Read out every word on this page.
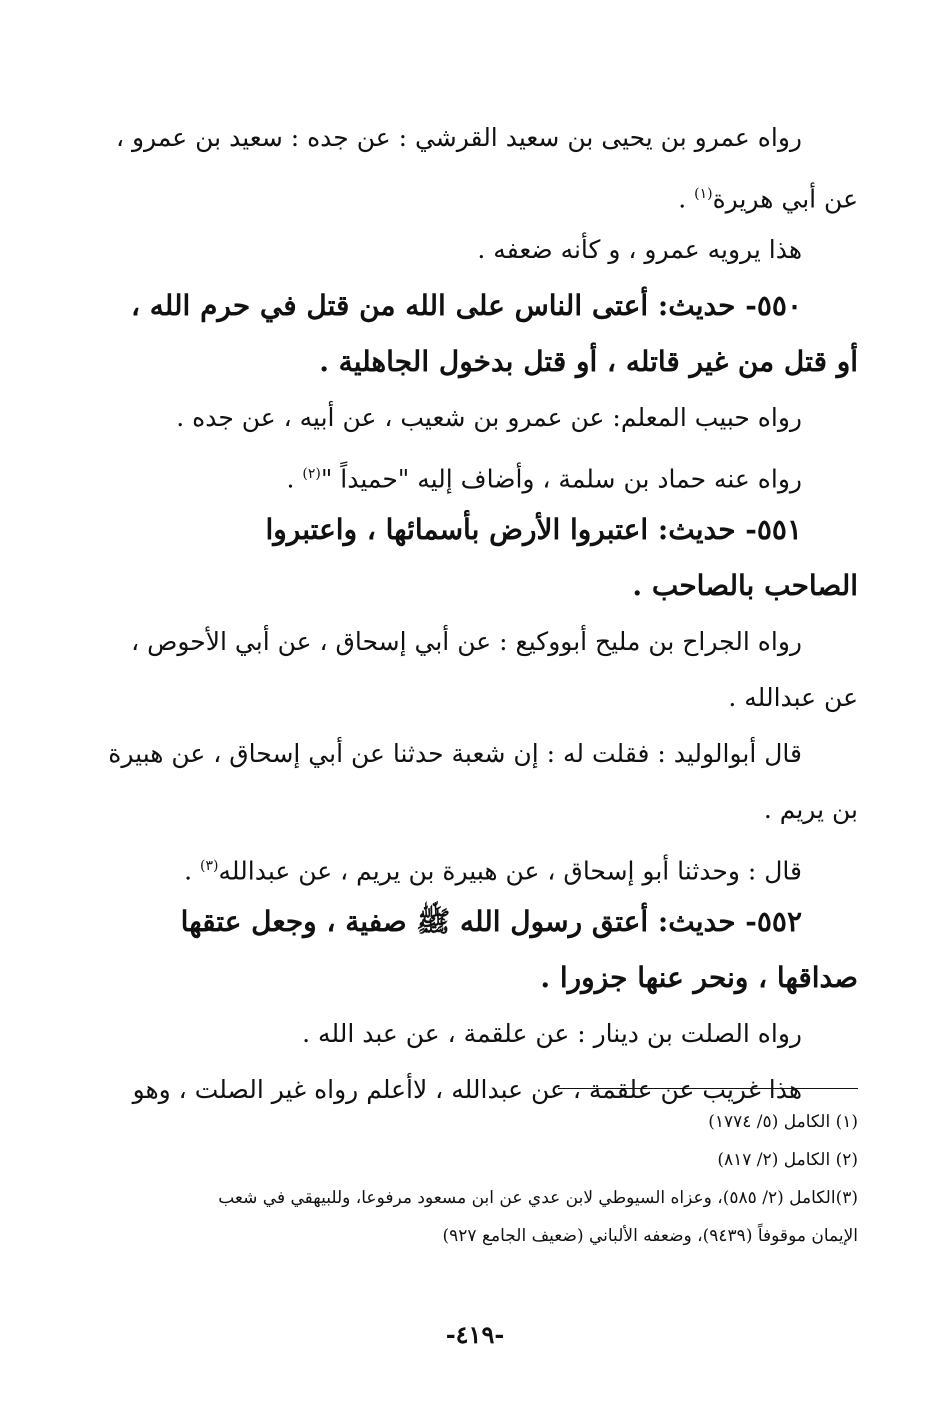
رواه عمرو بن يحيى بن سعيد القرشي : عن جده : سعيد بن عمرو ،
عن أبي هريرة$^{(١)}$ .
هذا يرويه عمرو ، و كأنه ضعفه .
٥٥٠- حديث: أعتى الناس على الله من قتل في حرم الله ،
أو قتل من غير قاتله ، أو قتل بدخول الجاهلية .
رواه حبيب المعلم: عن عمرو بن شعيب ، عن أبيه ، عن جده .
رواه عنه حماد بن سلمة ، وأضاف إليه "حميداً "$^{(٢)}$ .
٥٥١- حديث: اعتبروا الأرض بأسمائها ، واعتبروا
الصاحب بالصاحب .
رواه الجراح بن مليح أبووكيع : عن أبي إسحاق ، عن أبي الأحوص ،
عن عبدالله .
قال أبوالوليد : فقلت له : إن شعبة حدثنا عن أبي إسحاق ، عن هبيرة
بن يريم .
قال : وحدثنا أبو إسحاق ، عن هبيرة بن يريم ، عن عبدالله$^{(٣)}$ .
٥٥٢- حديث: أعتق رسول الله ﷺ صفية ، وجعل عتقها
صداقها ، ونحر عنها جزورا .
رواه الصلت بن دينار : عن علقمة ، عن عبد الله .
هذا غريب عن علقمة ، عن عبدالله ، لاأعلم رواه غير الصلت ، وهو
(١) الكامل (٥/ ١٧٧٤)
(٢) الكامل (٢/ ٨١٧)
(٣)الكامل (٢/ ٥٨٥)، وعزاه السيوطي لابن عدي عن ابن مسعود مرفوعا، وللبيهقي في شعب
الإيمان موقوفاً (٩٤٣٩)، وضعفه الألباني (ضعيف الجامع ٩٢٧)
-٤١٩-
